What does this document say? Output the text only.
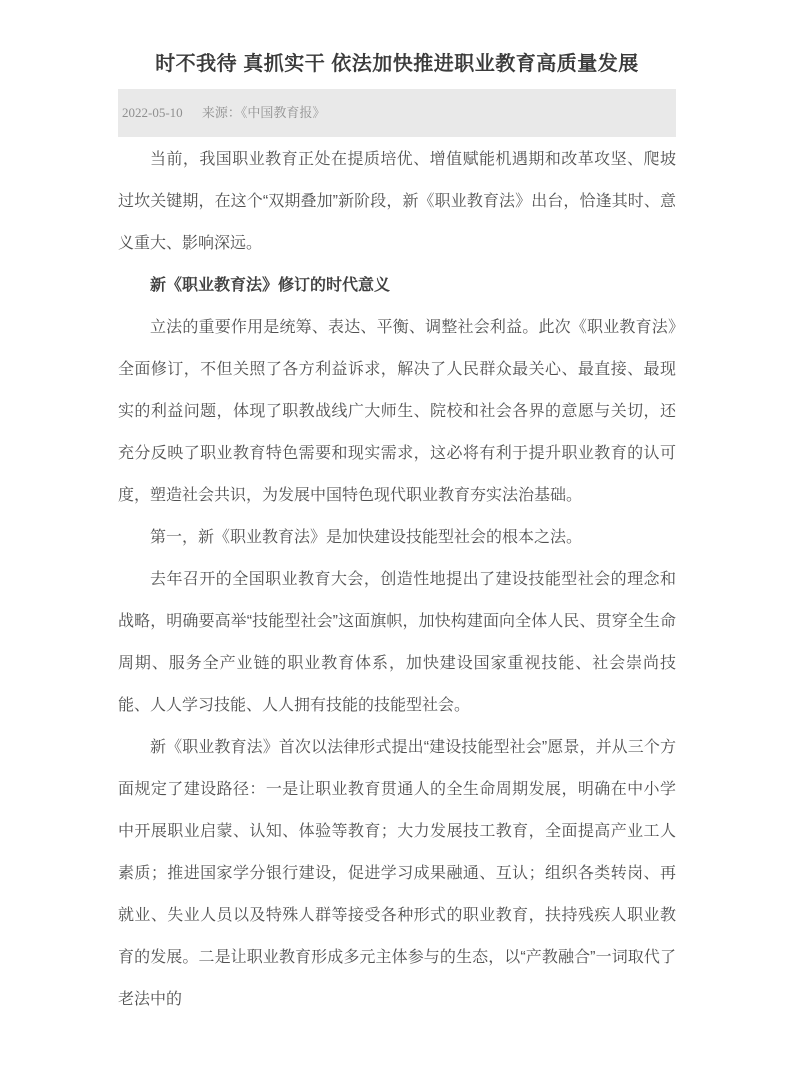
时不我待 真抓实干 依法加快推进职业教育高质量发展
2022-05-10 来源：《中国教育报》

当前，我国职业教育正处在提质培优、增值赋能机遇期和改革攻坚、爬坡过坎关键期，在这个“双期叠加”新阶段，新《职业教育法》出台，恰逢其时、意义重大、影响深远。

新《职业教育法》修订的时代意义

立法的重要作用是统筹、表达、平衡、调整社会利益。此次《职业教育法》全面修订，不但关照了各方利益诉求，解决了人民群众最关心、最直接、最现实的利益问题，体现了职教战线广大师生、院校和社会各界的意愿与关切，还充分反映了职业教育特色需要和现实需求，这必将有利于提升职业教育的认可度，塑造社会共识，为发展中国特色现代职业教育夯实法治基础。

第一，新《职业教育法》是加快建设技能型社会的根本之法。

去年召开的全国职业教育大会，创造性地提出了建设技能型社会的理念和战略，明确要高举“技能型社会”这面旗帜，加快构建面向全体人民、贯穿全生命周期、服务全产业链的职业教育体系，加快建设国家重视技能、社会崇尚技能、人人学习技能、人人拥有技能的技能型社会。

新《职业教育法》首次以法律形式提出“建设技能型社会”愿景，并从三个方面规定了建设路径：一是让职业教育贯通人的全生命周期发展，明确在中小学中开展职业启蒙、认知、体验等教育；大力发展技工教育，全面提高产业工人素质；推进国家学分银行建设，促进学习成果融通、互认；组织各类转岗、再就业、失业人员以及特殊人群等接受各种形式的职业教育，扶持残疾人职业教育的发展。二是让职业教育形成多元主体参与的生态，以“产教融合”一词取代了老法中的
